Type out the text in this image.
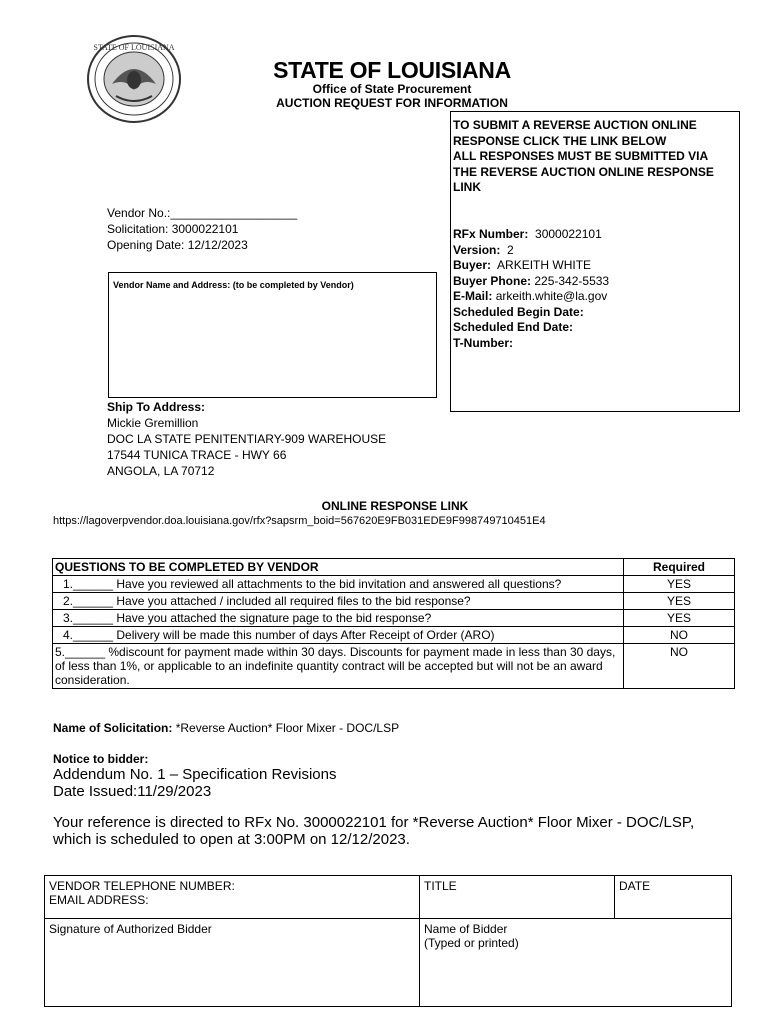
STATE OF LOUISIANA
STATE OF LOUISIANA
Office of State Procurement
AUCTION REQUEST FOR INFORMATION
TO SUBMIT A REVERSE AUCTION ONLINE
RESPONSE CLICK THE LINK BELOW
ALL RESPONSES MUST BE SUBMITTED VIA
THE REVERSE AUCTION ONLINE RESPONSE
LINK
RFx Number: 3000022101
Version: 2
Buyer: ARKEITH WHITE
Buyer Phone: 225-342-5533
E-Mail: arkeith.white@la.gov
Scheduled Begin Date:
Scheduled End Date:
T-Number:
Vendor No.:___________________
Solicitation: 3000022101
Opening Date: 12/12/2023
Vendor Name and Address: (to be completed by Vendor)
Ship To Address:
Mickie Gremillion
DOC LA STATE PENITENTIARY-909 WAREHOUSE
17544 TUNICA TRACE - HWY 66
ANGOLA, LA 70712
ONLINE RESPONSE LINK
https://lagoverpvendor.doa.louisiana.gov/rfx?sapsrm_boid=567620E9FB031EDE9F998749710451E4
QUESTIONS TO BE COMPLETED BY VENDOR	Required
1.______ Have you reviewed all attachments to the bid invitation and answered all questions?	YES
2.______ Have you attached / included all required files to the bid response?	YES
3.______ Have you attached the signature page to the bid response?	YES
4.______ Delivery will be made this number of days After Receipt of Order (ARO)	NO
5.______ %discount for payment made within 30 days. Discounts for payment made in less than 30 days, of less than 1%, or applicable to an indefinite quantity contract will be accepted but will not be an award consideration.	NO
Name of Solicitation: *Reverse Auction* Floor Mixer - DOC/LSP
Notice to bidder:
Addendum No. 1 – Specification Revisions
Date Issued:11/29/2023
Your reference is directed to RFx No. 3000022101 for *Reverse Auction* Floor Mixer - DOC/LSP, which is scheduled to open at 3:00PM on 12/12/2023.
VENDOR TELEPHONE NUMBER:
EMAIL ADDRESS:	TITLE	DATE

Signature of Authorized Bidder	Name of Bidder
(Typed or printed)	
